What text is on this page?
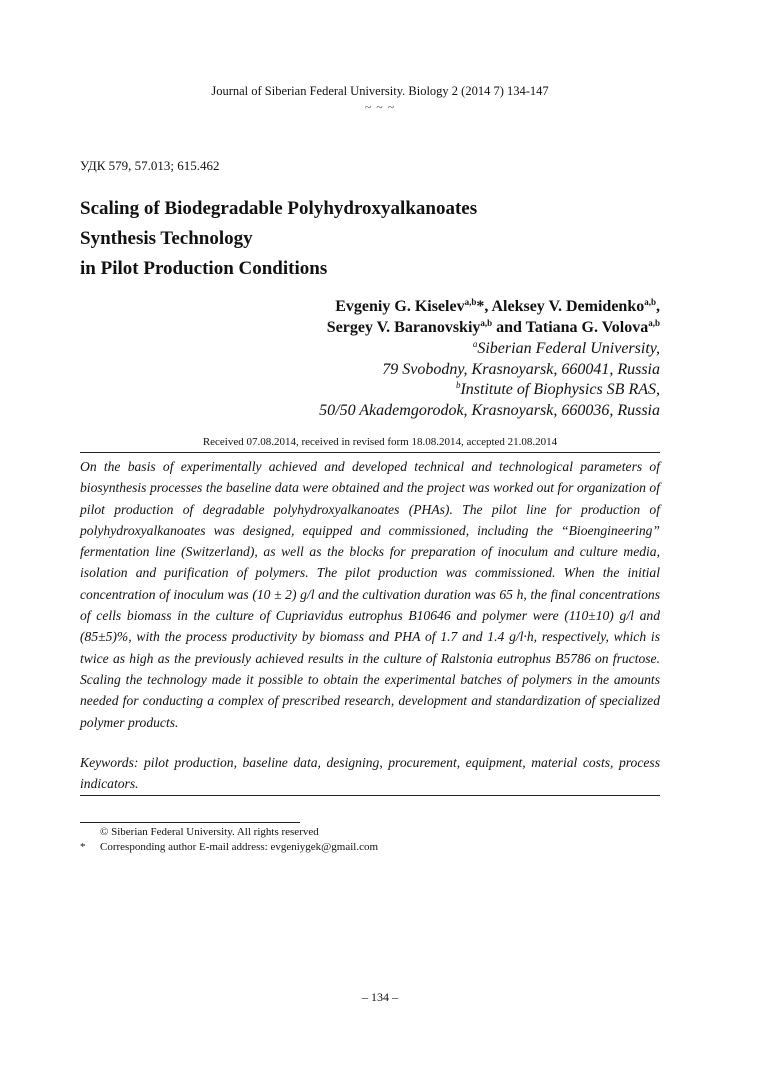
Journal of Siberian Federal University. Biology 2 (2014 7) 134-147
~ ~ ~
УДК 579, 57.013; 615.462
Scaling of Biodegradable Polyhydroxyalkanoates
Synthesis Technology
in Pilot Production Conditions
Evgeniy G. Kiselev$^{a,b}$*, Aleksey V. Demidenko$^{a,b}$,
Sergey V. Baranovskiy$^{a,b}$ and Tatiana G. Volova$^{a,b}$
$^a$Siberian Federal University,
79 Svobodny, Krasnoyarsk, 660041, Russia
$^b$Institute of Biophysics SB RAS,
50/50 Akademgorodok, Krasnoyarsk, 660036, Russia
Received 07.08.2014, received in revised form 18.08.2014, accepted 21.08.2014
On the basis of experimentally achieved and developed technical and technological parameters of biosynthesis processes the baseline data were obtained and the project was worked out for organization of pilot production of degradable polyhydroxyalkanoates (PHAs). The pilot line for production of polyhydroxyalkanoates was designed, equipped and commissioned, including the “Bioengineering” fermentation line (Switzerland), as well as the blocks for preparation of inoculum and culture media, isolation and purification of polymers. The pilot production was commissioned. When the initial concentration of inoculum was (10 ± 2) g/l and the cultivation duration was 65 h, the final concentrations of cells biomass in the culture of Cupriavidus eutrophus B10646 and polymer were (110±10) g/l and (85±5)%, with the process productivity by biomass and PHA of 1.7 and 1.4 g/l·h, respectively, which is twice as high as the previously achieved results in the culture of Ralstonia eutrophus B5786 on fructose. Scaling the technology made it possible to obtain the experimental batches of polymers in the amounts needed for conducting a complex of prescribed research, development and standardization of specialized polymer products.
Keywords: pilot production, baseline data, designing, procurement, equipment, material costs, process indicators.
© Siberian Federal University. All rights reserved
* Corresponding author E-mail address: evgeniygek@gmail.com
– 134 –
